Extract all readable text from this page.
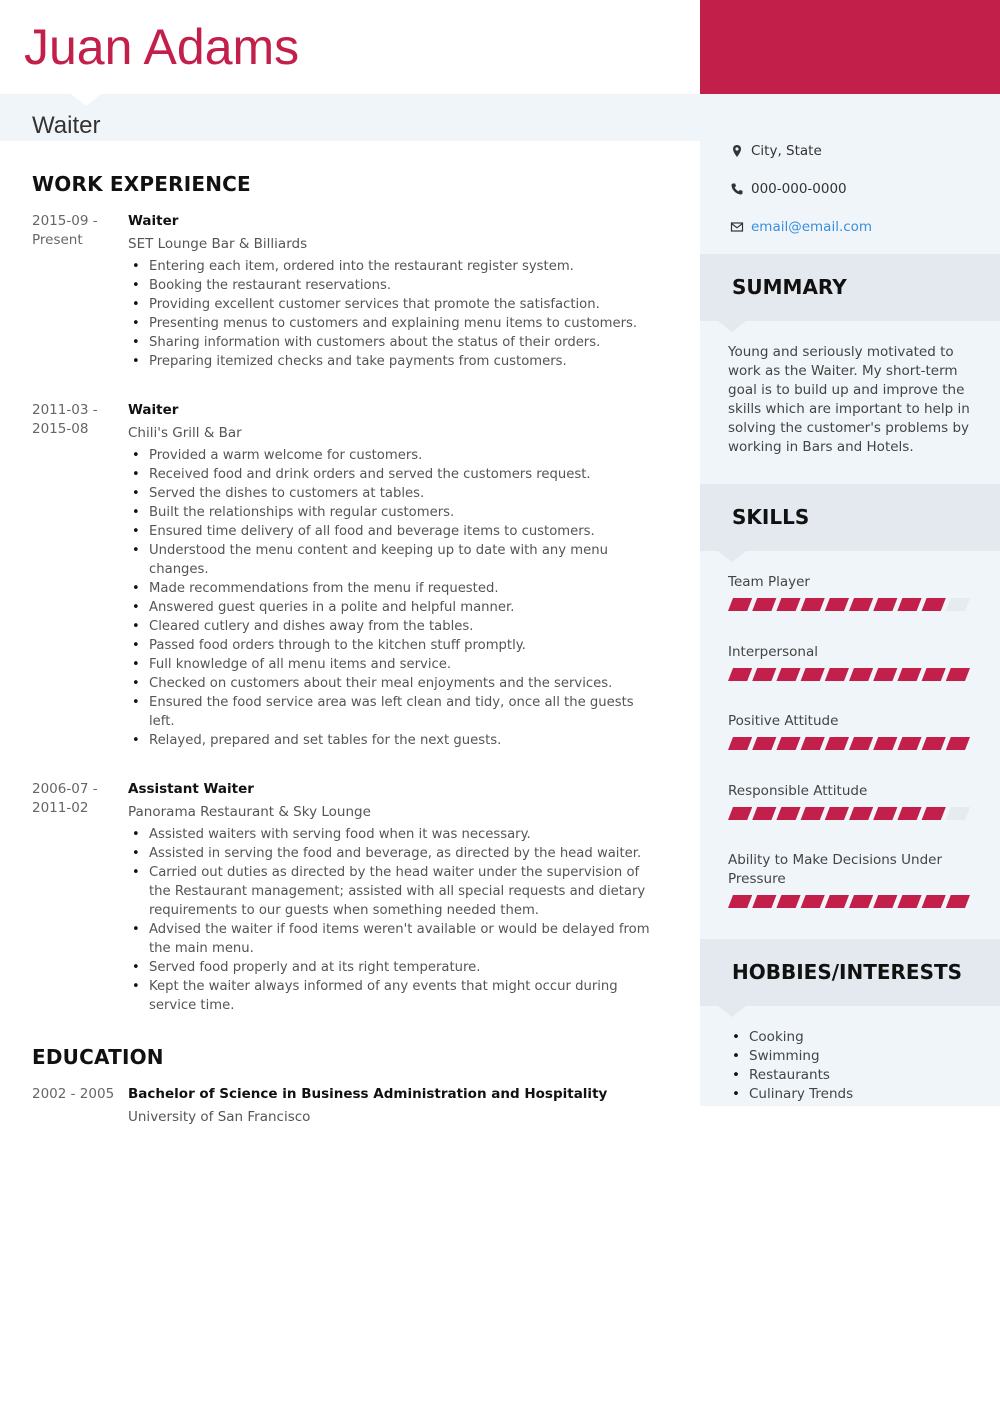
Juan Adams
Waiter
WORK EXPERIENCE
2015-09 -
Present
Waiter
SET Lounge Bar & Billiards
• Entering each item, ordered into the restaurant register system.
• Booking the restaurant reservations.
• Providing excellent customer services that promote the satisfaction.
• Presenting menus to customers and explaining menu items to customers.
• Sharing information with customers about the status of their orders.
• Preparing itemized checks and take payments from customers.
2011-03 -
2015-08
Waiter
Chili's Grill & Bar
• Provided a warm welcome for customers.
• Received food and drink orders and served the customers request.
• Served the dishes to customers at tables.
• Built the relationships with regular customers.
• Ensured time delivery of all food and beverage items to customers.
• Understood the menu content and keeping up to date with any menu changes.
• Made recommendations from the menu if requested.
• Answered guest queries in a polite and helpful manner.
• Cleared cutlery and dishes away from the tables.
• Passed food orders through to the kitchen stuff promptly.
• Full knowledge of all menu items and service.
• Checked on customers about their meal enjoyments and the services.
• Ensured the food service area was left clean and tidy, once all the guests left.
• Relayed, prepared and set tables for the next guests.
2006-07 -
2011-02
Assistant Waiter
Panorama Restaurant & Sky Lounge
• Assisted waiters with serving food when it was necessary.
• Assisted in serving the food and beverage, as directed by the head waiter.
• Carried out duties as directed by the head waiter under the supervision of the Restaurant management; assisted with all special requests and dietary requirements to our guests when something needed them.
• Advised the waiter if food items weren't available or would be delayed from the main menu.
• Served food properly and at its right temperature.
• Kept the waiter always informed of any events that might occur during service time.
EDUCATION
2002 - 2005	Bachelor of Science in Business Administration and Hospitality
University of San Francisco
City, State
000-000-0000
email@email.com
SUMMARY
Young and seriously motivated to work as the Waiter. My short-term goal is to build up and improve the skills which are important to help in solving the customer's problems by working in Bars and Hotels.
SKILLS
Team Player
Interpersonal
Positive Attitude
Responsible Attitude
Ability to Make Decisions Under Pressure
HOBBIES/INTERESTS
• Cooking
• Swimming
• Restaurants
• Culinary Trends
